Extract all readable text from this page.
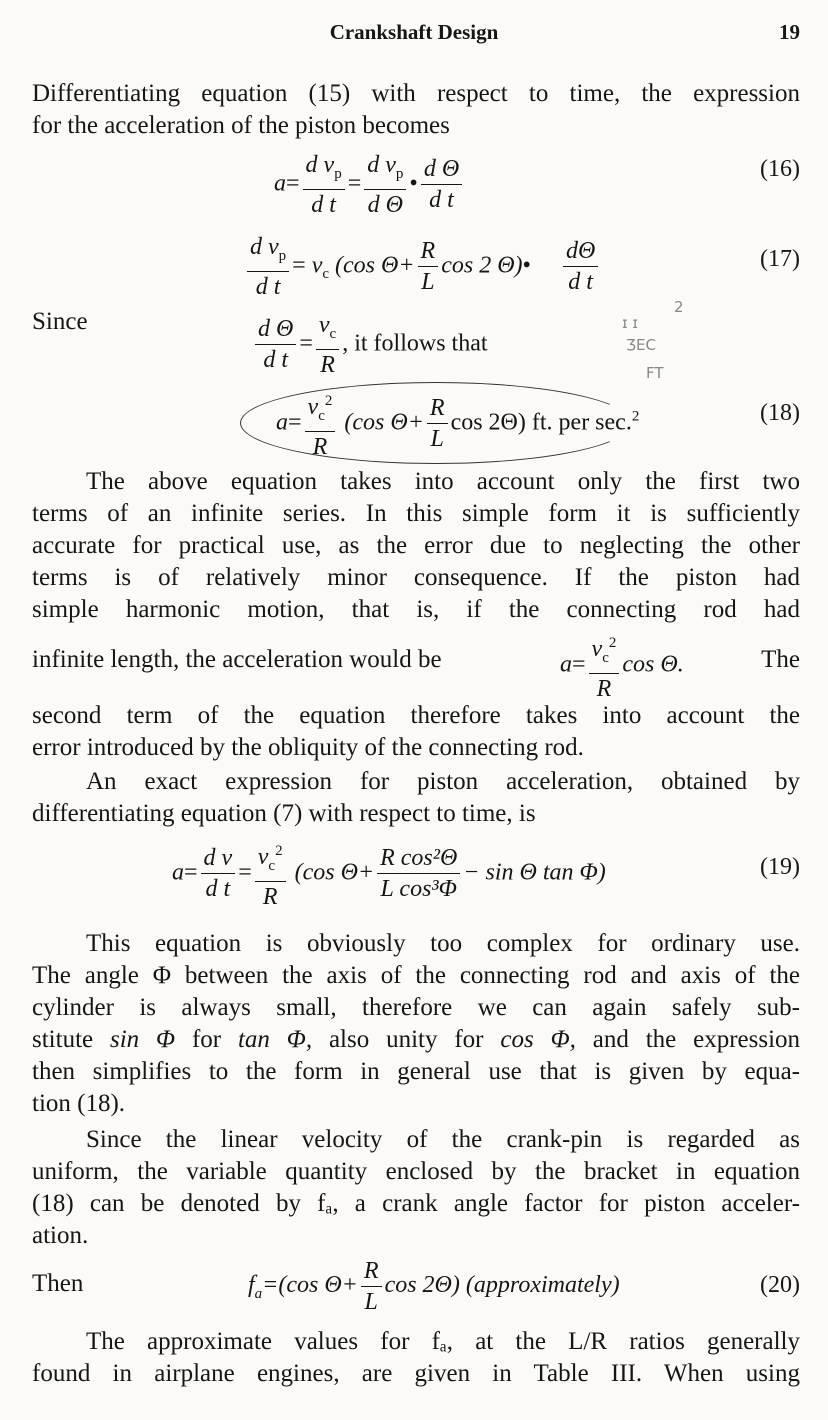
Crankshaft Design	19
Differentiating equation (15) with respect to time, the expression
for the acceleration of the piston becomes
$a= \frac{d v_p}{\text{d t}} = \frac{d v_p}{\text{d Θ}}$ • $\frac{\text{d Θ}}{\text{d t}}$	(16)
$\frac{d v_p}{\text{d t}} = v_c$ (cos $\Theta+ \frac{R}{L}$ cos 2 Θ)• $\frac{d\Theta}{\text{d t}}$	(17)
Since	$\frac{\text{d Θ}}{\text{d t}} = \frac{v_c}{R}$ , it follows that
$a= \frac{v_c^2}{R} (\cos$ $\Theta+ \frac{R}{L}$ cos 2Θ) ft. per sec.$^2$	(18)
ɪ ɪ
ƷEC
FT
2
The above equation takes into account only the first two
terms of an infinite series. In this simple form it is sufficiently
accurate for practical use, as the error due to neglecting the other
terms is of relatively minor consequence. If the piston had
simple harmonic motion, that is, if the connecting rod had
infinite length, the acceleration would be	$a= \frac{v_c^2}{R}$ cos Θ.	The
second term of the equation therefore takes into account the
error introduced by the obliquity of the connecting rod.
An exact expression for piston acceleration, obtained by
differentiating equation (7) with respect to time, is
$a= \frac{\text{d v}}{\text{d t}} = \frac{v_c^2}{R} (\cos$ $\Theta+ \frac{\text{R cos²Θ}}{\text{L cos³Φ}} - \sin \Theta$ tan Φ)	(19)
This equation is obviously too complex for ordinary use.
The angle Φ between the axis of the connecting rod and axis of the
cylinder is always small, therefore we can again safely sub-
stitute sin Φ for tan Φ, also unity for cos Φ, and the expression
then simplifies to the form in general use that is given by equa-
tion (18).
Since the linear velocity of the crank-pin is regarded as
uniform, the variable quantity enclosed by the bracket in equation
(18) can be denoted by fₐ, a crank angle factor for piston acceler-
ation.
Then	$f_a=(\cos$ $\Theta+ \frac{R}{L}$ cos 2Θ) (approximately)	(20)
The approximate values for fₐ, at the L/R ratios generally
found in airplane engines, are given in Table III. When using
